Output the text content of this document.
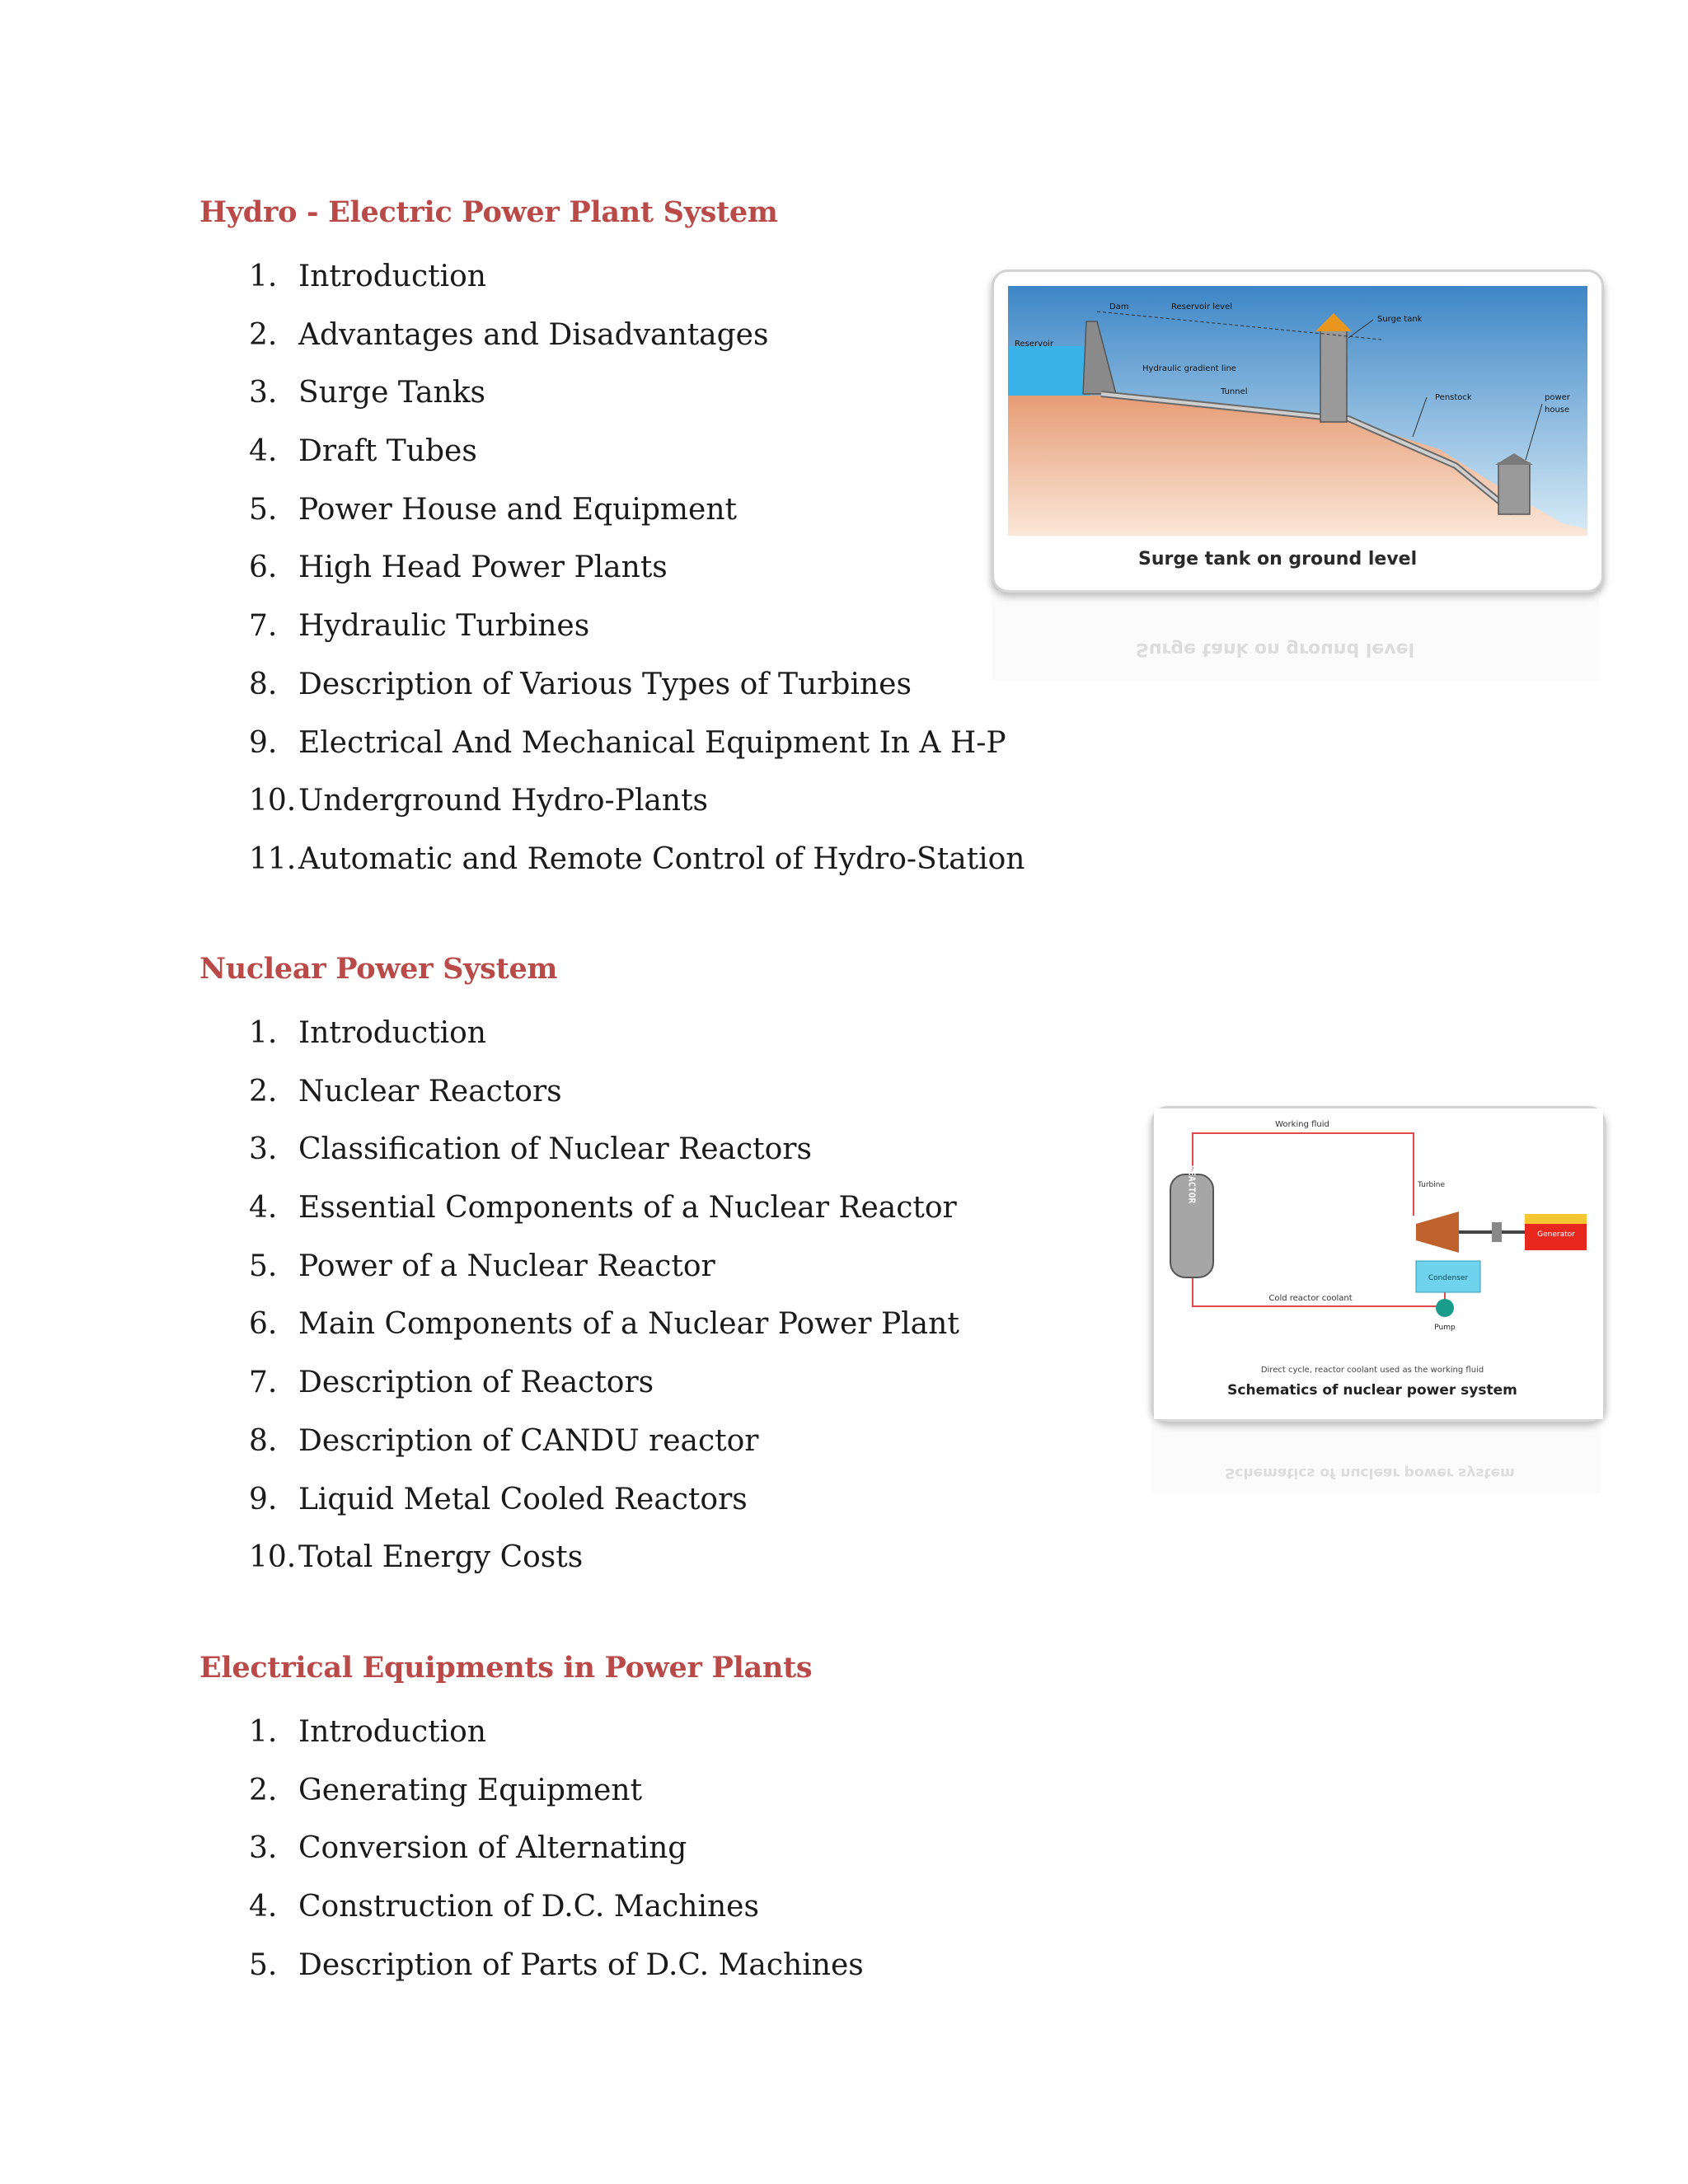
Hydro - Electric Power Plant System
1. Introduction
2. Advantages and Disadvantages
3. Surge Tanks
4. Draft Tubes
5. Power House and Equipment
6. High Head Power Plants
7. Hydraulic Turbines
8. Description of Various Types of Turbines
9. Electrical And Mechanical Equipment In A H-P
10. Underground Hydro-Plants
11. Automatic and Remote Control of Hydro-Station
Nuclear Power System
1. Introduction
2. Nuclear Reactors
3. Classification of Nuclear Reactors
4. Essential Components of a Nuclear Reactor
5. Power of a Nuclear Reactor
6. Main Components of a Nuclear Power Plant
7. Description of Reactors
8. Description of CANDU reactor
9. Liquid Metal Cooled Reactors
10. Total Energy Costs
Electrical Equipments in Power Plants
1. Introduction
2. Generating Equipment
3. Conversion of Alternating
4. Construction of D.C. Machines
5. Description of Parts of D.C. Machines
Dam	Reservoir level
Reservoir
Hydraulic gradient line
Tunnel
Surge tank
Penstock	power
house
Surge tank on ground level
Surge tank on ground level
REACTOR
Generator
Condenser
Pump
Working fluid
Turbine
Cold reactor coolant
Direct cycle, reactor coolant used as the working fluid
Schematics of nuclear power system
Schematics of nuclear power system
